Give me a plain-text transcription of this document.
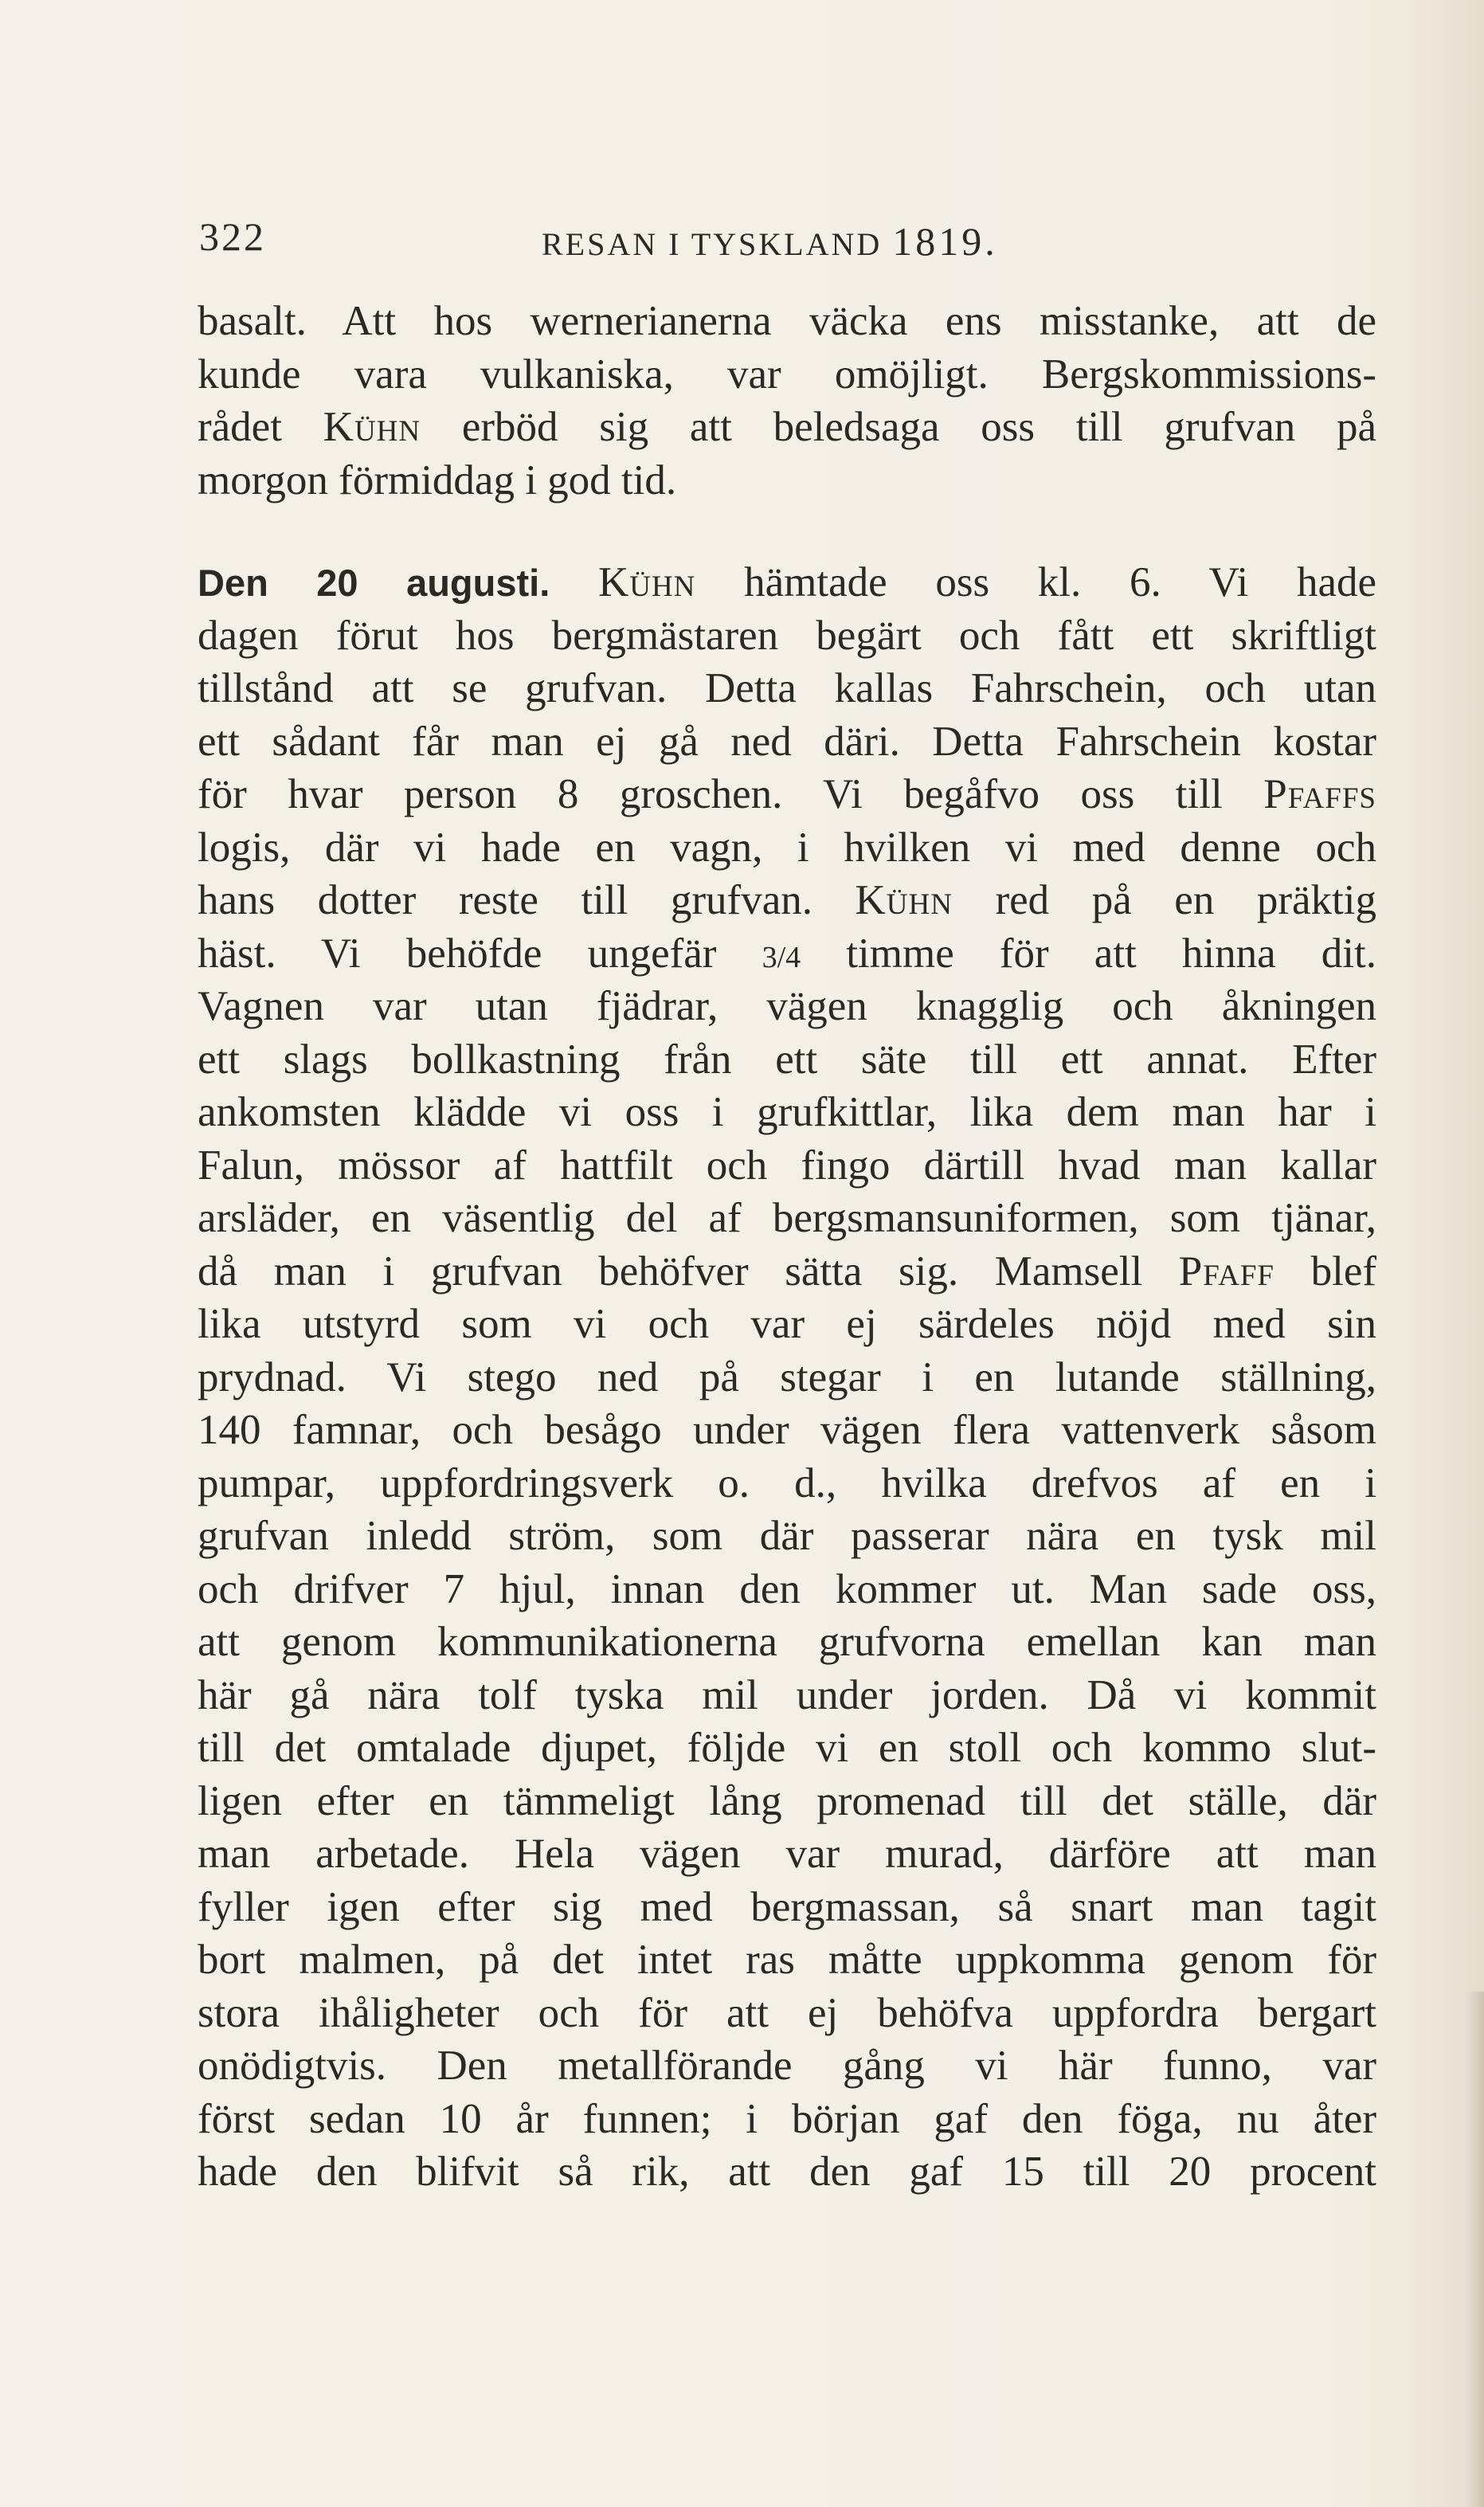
322	RESAN I TYSKLAND 1819.
basalt. Att hos wernerianerna väcka ens misstanke, att de
kunde vara vulkaniska, var omöjligt. Bergskommissions-
rådet Kühn erböd sig att beledsaga oss till grufvan på
morgon förmiddag i god tid.
Den 20 augusti. Kühn hämtade oss kl. 6. Vi hade
dagen förut hos bergmästaren begärt och fått ett skriftligt
tillstånd att se grufvan. Detta kallas Fahrschein, och utan
ett sådant får man ej gå ned däri. Detta Fahrschein kostar
för hvar person 8 groschen. Vi begåfvo oss till Pfaffs
logis, där vi hade en vagn, i hvilken vi med denne och
hans dotter reste till grufvan. Kühn red på en präktig
häst. Vi behöfde ungefär 3/4 timme för att hinna dit.
Vagnen var utan fjädrar, vägen knagglig och åkningen
ett slags bollkastning från ett säte till ett annat. Efter
ankomsten klädde vi oss i grufkittlar, lika dem man har i
Falun, mössor af hattfilt och fingo därtill hvad man kallar
arsläder, en väsentlig del af bergsmansuniformen, som tjänar,
då man i grufvan behöfver sätta sig. Mamsell Pfaff blef
lika utstyrd som vi och var ej särdeles nöjd med sin
prydnad. Vi stego ned på stegar i en lutande ställning,
140 famnar, och besågo under vägen flera vattenverk såsom
pumpar, uppfordringsverk o. d., hvilka drefvos af en i
grufvan inledd ström, som där passerar nära en tysk mil
och drifver 7 hjul, innan den kommer ut. Man sade oss,
att genom kommunikationerna grufvorna emellan kan man
här gå nära tolf tyska mil under jorden. Då vi kommit
till det omtalade djupet, följde vi en stoll och kommo slut-
ligen efter en tämmeligt lång promenad till det ställe, där
man arbetade. Hela vägen var murad, därföre att man
fyller igen efter sig med bergmassan, så snart man tagit
bort malmen, på det intet ras måtte uppkomma genom för
stora ihåligheter och för att ej behöfva uppfordra bergart
onödigtvis. Den metallförande gång vi här funno, var
först sedan 10 år funnen; i början gaf den föga, nu åter
hade den blifvit så rik, att den gaf 15 till 20 procent
